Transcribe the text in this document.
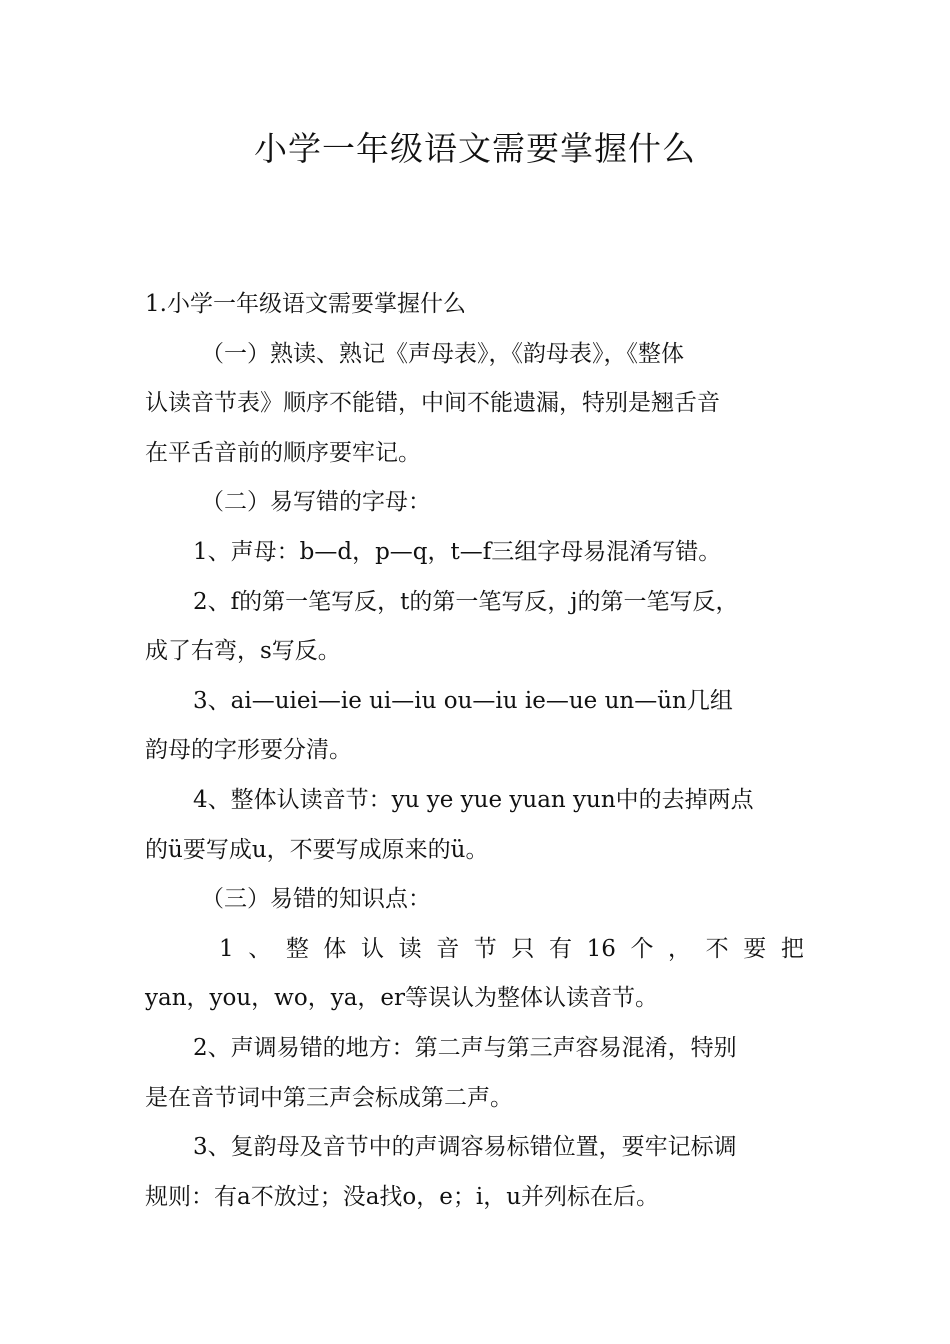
小学一年级语文需要掌握什么
1.小学一年级语文需要掌握什么
（一）熟读、熟记《声母表》，《韵母表》，《整体
认读音节表》顺序不能错，中间不能遗漏，特别是翘舌音
在平舌音前的顺序要牢记。
（二）易写错的字母：
1、声母：b—d，p—q，t—f三组字母易混淆写错。
2、f的第一笔写反，t的第一笔写反，j的第一笔写反，
成了右弯，s写反。
3、ai—uiei—ie ui—iu ou—iu ie—ue un—ün几组
韵母的字形要分清。
4、整体认读音节：yu ye yue yuan yun中的去掉两点
的ü要写成u，不要写成原来的ü。
（三）易错的知识点：
1 、 整 体 认 读 音 节 只 有 16 个 ， 不 要 把
yan，you，wo，ya，er等误认为整体认读音节。
2、声调易错的地方：第二声与第三声容易混淆，特别
是在音节词中第三声会标成第二声。
3、复韵母及音节中的声调容易标错位置，要牢记标调
规则：有a不放过；没a找o，e；i，u并列标在后。
